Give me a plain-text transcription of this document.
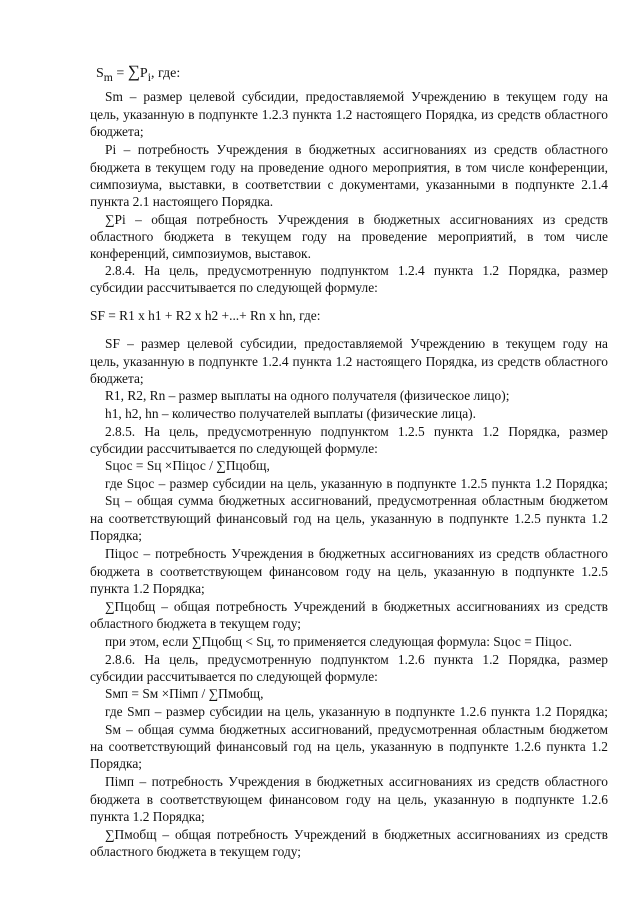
$S_m = \sum P_i$, где:
Sm – размер целевой субсидии, предоставляемой Учреждению в текущем году на
цель, указанную в подпункте 1.2.3 пункта 1.2 настоящего Порядка, из средств областного
бюджета;
Pi – потребность Учреждения в бюджетных ассигнованиях из средств областного
бюджета в текущем году на проведение одного мероприятия, в том числе конференции,
симпозиума, выставки, в соответствии с документами, указанными в подпункте 2.1.4
пункта 2.1 настоящего Порядка.
∑Pi – общая потребность Учреждения в бюджетных ассигнованиях из средств
областного бюджета в текущем году на проведение мероприятий, в том числе
конференций, симпозиумов, выставок.
2.8.4. На цель, предусмотренную подпунктом 1.2.4 пункта 1.2 Порядка, размер
субсидии рассчитывается по следующей формуле:
SF = R1 x h1 + R2 x h2 +...+ Rn x hn, где:
SF – размер целевой субсидии, предоставляемой Учреждению в текущем году на
цель, указанную в подпункте 1.2.4 пункта 1.2 настоящего Порядка, из средств областного
бюджета;
R1, R2, Rn – размер выплаты на одного получателя (физическое лицо);
h1, h2, hn – количество получателей выплаты (физические лица).
2.8.5. На цель, предусмотренную подпунктом 1.2.5 пункта 1.2 Порядка, размер
субсидии рассчитывается по следующей формуле:
Sцос = Sц ×Піцос / ∑Пцобщ,
где Sцос – размер субсидии на цель, указанную в подпункте 1.2.5 пункта 1.2 Порядка;
Sц – общая сумма бюджетных ассигнований, предусмотренная областным бюджетом
на соответствующий финансовый год на цель, указанную в подпункте 1.2.5 пункта 1.2
Порядка;
Піцос – потребность Учреждения в бюджетных ассигнованиях из средств областного
бюджета в соответствующем финансовом году на цель, указанную в подпункте 1.2.5
пункта 1.2 Порядка;
∑Пцобщ – общая потребность Учреждений в бюджетных ассигнованиях из средств
областного бюджета в текущем году;
при этом, если ∑Пцобщ < Sц, то применяется следующая формула: Sцос = Піцос.
2.8.6. На цель, предусмотренную подпунктом 1.2.6 пункта 1.2 Порядка, размер
субсидии рассчитывается по следующей формуле:
Sмп = Sм ×Пімп / ∑Пмобщ,
где Sмп – размер субсидии на цель, указанную в подпункте 1.2.6 пункта 1.2 Порядка;
Sм – общая сумма бюджетных ассигнований, предусмотренная областным бюджетом
на соответствующий финансовый год на цель, указанную в подпункте 1.2.6 пункта 1.2
Порядка;
Пімп – потребность Учреждения в бюджетных ассигнованиях из средств областного
бюджета в соответствующем финансовом году на цель, указанную в подпункте 1.2.6
пункта 1.2 Порядка;
∑Пмобщ – общая потребность Учреждений в бюджетных ассигнованиях из средств
областного бюджета в текущем году;
